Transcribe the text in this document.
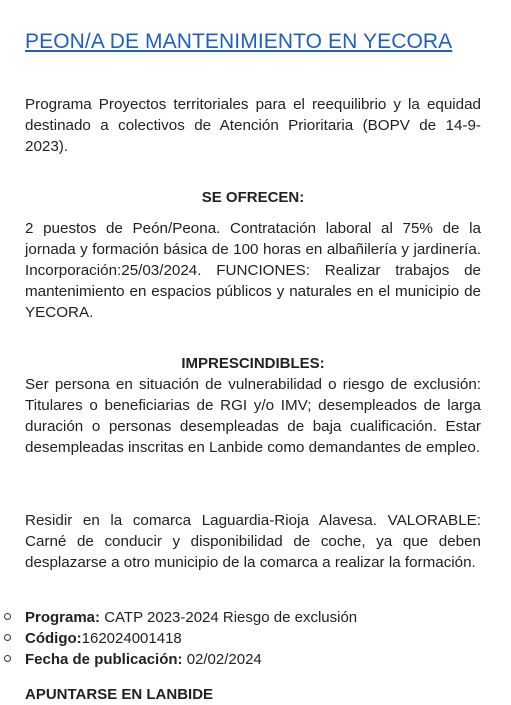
PEON/A DE MANTENIMIENTO EN YECORA
Programa Proyectos territoriales para el reequilibrio y la equidad destinado a colectivos de Atención Prioritaria (BOPV de 14-9-2023).
SE OFRECEN:
2 puestos de Peón/Peona. Contratación laboral al 75% de la jornada y formación básica de 100 horas en albañilería y jardinería. Incorporación:25/03/2024. FUNCIONES: Realizar trabajos de mantenimiento en espacios públicos y naturales en el municipio de YECORA.
IMPRESCINDIBLES:
Ser persona en situación de vulnerabilidad o riesgo de exclusión: Titulares o beneficiarias de RGI y/o IMV; desempleados de larga duración o personas desempleadas de baja cualificación. Estar desempleadas inscritas en Lanbide como demandantes de empleo.
Residir en la comarca Laguardia-Rioja Alavesa. VALORABLE: Carné de conducir y disponibilidad de coche, ya que deben desplazarse a otro municipio de la comarca a realizar la formación.
Programa: CATP 2023-2024 Riesgo de exclusión
Código:162024001418
Fecha de publicación: 02/02/2024
APUNTARSE EN LANBIDE
